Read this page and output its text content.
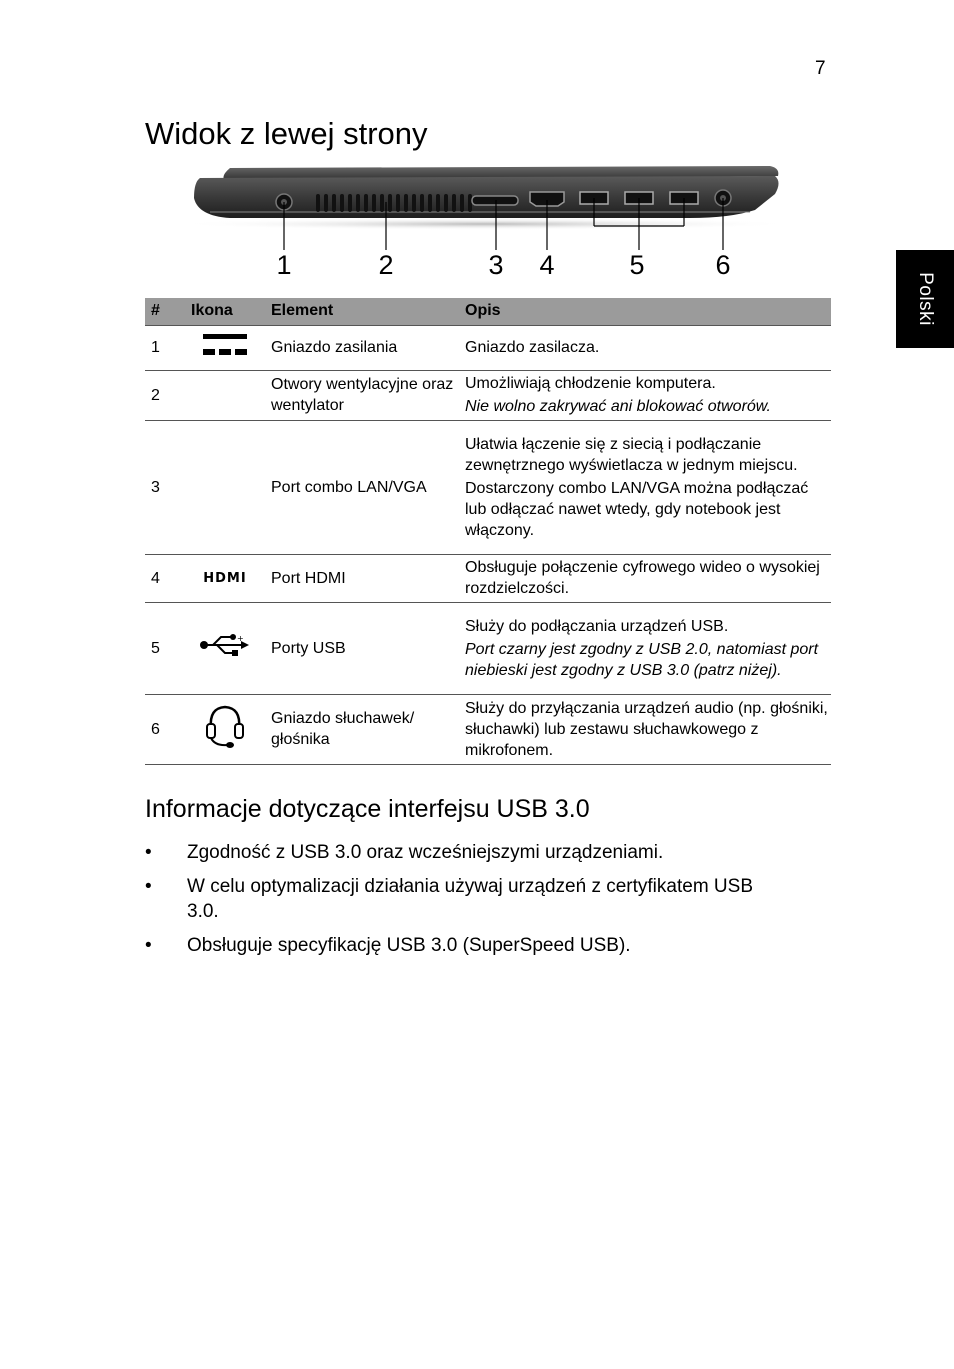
7
Polski
Widok z lewej strony
1	2	3 4	5	6
#	Ikona	Element	Opis
1		Gniazdo zasilania	Gniazdo zasilacza.

2		Otwory wentylacyjne oraz wentylator	Umożliwiają chłodzenie komputera.

Nie wolno zakrywać ani blokować otworów.

3		Port combo LAN/VGA	Ułatwia łączenie się z siecią i podłączanie zewnętrznego wyświetlacza w jednym miejscu.

Dostarczony combo LAN/VGA można podłączać lub odłączać nawet wtedy, gdy notebook jest włączony.

4	HDMI	Port HDMI	Obsługuje połączenie cyfrowego wideo o wysokiej rozdzielczości.

5	+	Porty USB	Służy do podłączania urządzeń USB.

Port czarny jest zgodny z USB 2.0, natomiast port niebieski jest zgodny z USB 3.0 (patrz niżej).

6		Gniazdo słuchawek/ głośnika	Służy do przyłączania urządzeń audio (np. głośniki, słuchawki) lub zestawu słuchawkowego z mikrofonem.

Informacje dotyczące interfejsu USB 3.0
• Zgodność z USB 3.0 oraz wcześniejszymi urządzeniami.
• W celu optymalizacji działania używaj urządzeń z certyfikatem USB 3.0.
• Obsługuje specyfikację USB 3.0 (SuperSpeed USB).
